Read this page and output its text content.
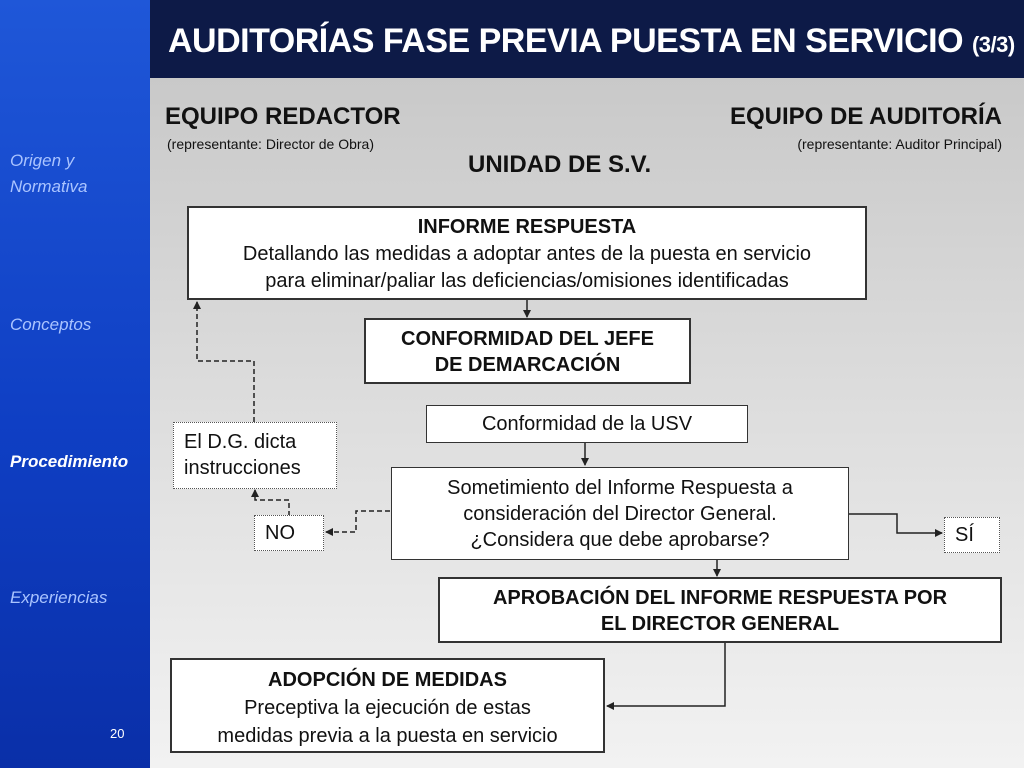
Origen y
Normativa
Conceptos
Procedimiento
Experiencias
20
AUDITORÍAS FASE PREVIA PUESTA EN SERVICIO (3/3)
EQUIPO REDACTOR
(representante: Director de Obra)
EQUIPO DE AUDITORÍA
(representante: Auditor Principal)
UNIDAD DE S.V.
INFORME RESPUESTA
Detallando las medidas a adoptar antes de la puesta en servicio
para eliminar/paliar las deficiencias/omisiones identificadas
CONFORMIDAD DEL JEFE
DE DEMARCACIÓN
Conformidad de la USV
El D.G. dicta
instrucciones
Sometimiento del Informe Respuesta a
consideración del Director General.
¿Considera que debe aprobarse?
NO	SÍ
APROBACIÓN DEL INFORME RESPUESTA POR
EL DIRECTOR GENERAL
ADOPCIÓN DE MEDIDAS
Preceptiva la ejecución de estas
medidas previa a la puesta en servicio
